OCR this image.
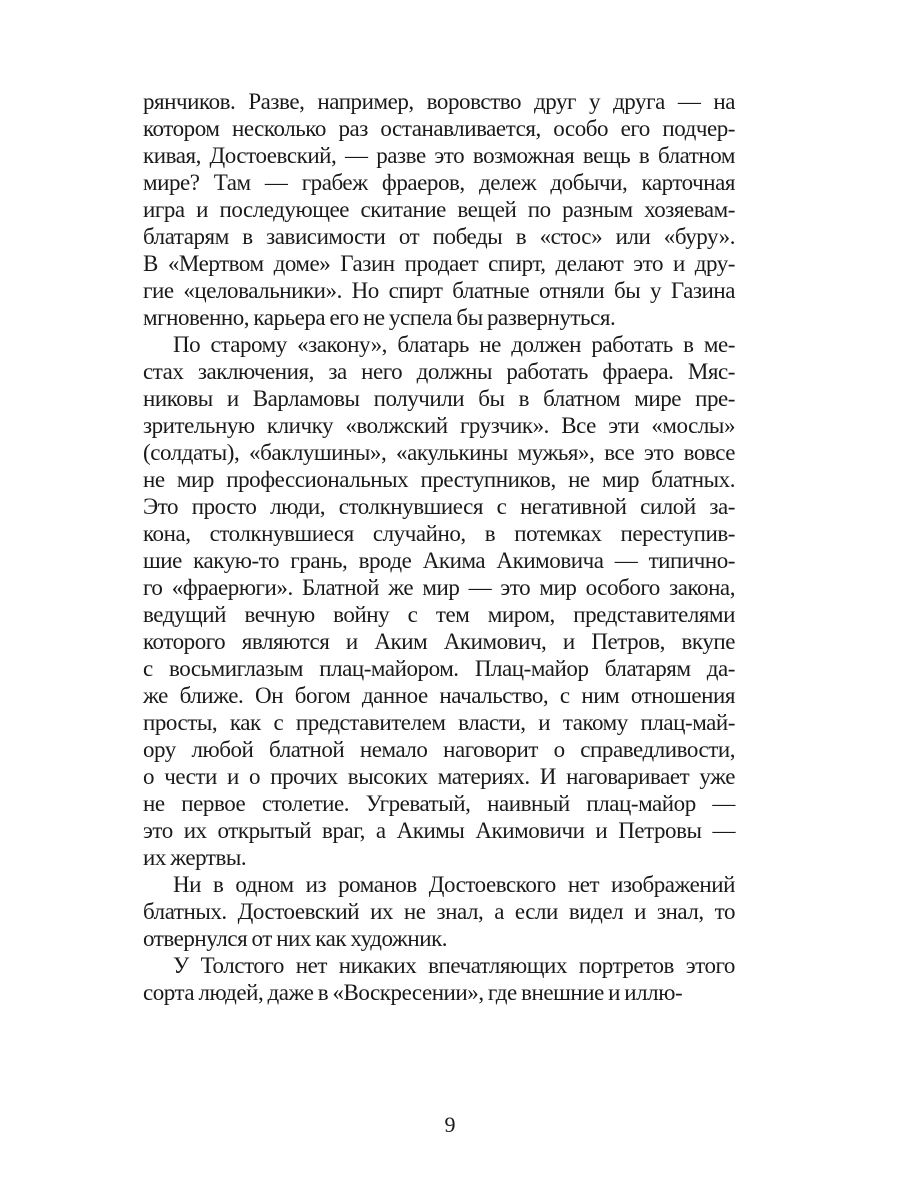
рянчиков. Разве, например, воровство друг у друга — на
котором несколько раз останавливается, особо его подчер-
кивая, Достоевский, — разве это возможная вещь в блатном
мире? Там — грабеж фраеров, дележ добычи, карточная
игра и последующее скитание вещей по разным хозяевам-
блатарям в зависимости от победы в «стос» или «буру».
В «Мертвом доме» Газин продает спирт, делают это и дру-
гие «целовальники». Но спирт блатные отняли бы у Газина
мгновенно, карьера его не успела бы развернуться.
По старому «закону», блатарь не должен работать в ме-
стах заключения, за него должны работать фраера. Мяс-
никовы и Варламовы получили бы в блатном мире пре-
зрительную кличку «волжский грузчик». Все эти «мослы»
(солдаты), «баклушины», «акулькины мужья», все это вовсе
не мир профессиональных преступников, не мир блатных.
Это просто люди, столкнувшиеся с негативной силой за-
кона, столкнувшиеся случайно, в потемках переступив-
шие какую-то грань, вроде Акима Акимовича — типично-
го «фраерюги». Блатной же мир — это мир особого закона,
ведущий вечную войну с тем миром, представителями
которого являются и Аким Акимович, и Петров, вкупе
с восьмиглазым плац-майором. Плац-майор блатарям да-
же ближе. Он богом данное начальство, с ним отношения
просты, как с представителем власти, и такому плац-май-
ору любой блатной немало наговорит о справедливости,
о чести и о прочих высоких материях. И наговаривает уже
не первое столетие. Угреватый, наивный плац-майор —
это их открытый враг, а Акимы Акимовичи и Петровы —
их жертвы.
Ни в одном из романов Достоевского нет изображений
блатных. Достоевский их не знал, а если видел и знал, то
отвернулся от них как художник.
У Толстого нет никаких впечатляющих портретов этого
сорта людей, даже в «Воскресении», где внешние и иллю-
9
